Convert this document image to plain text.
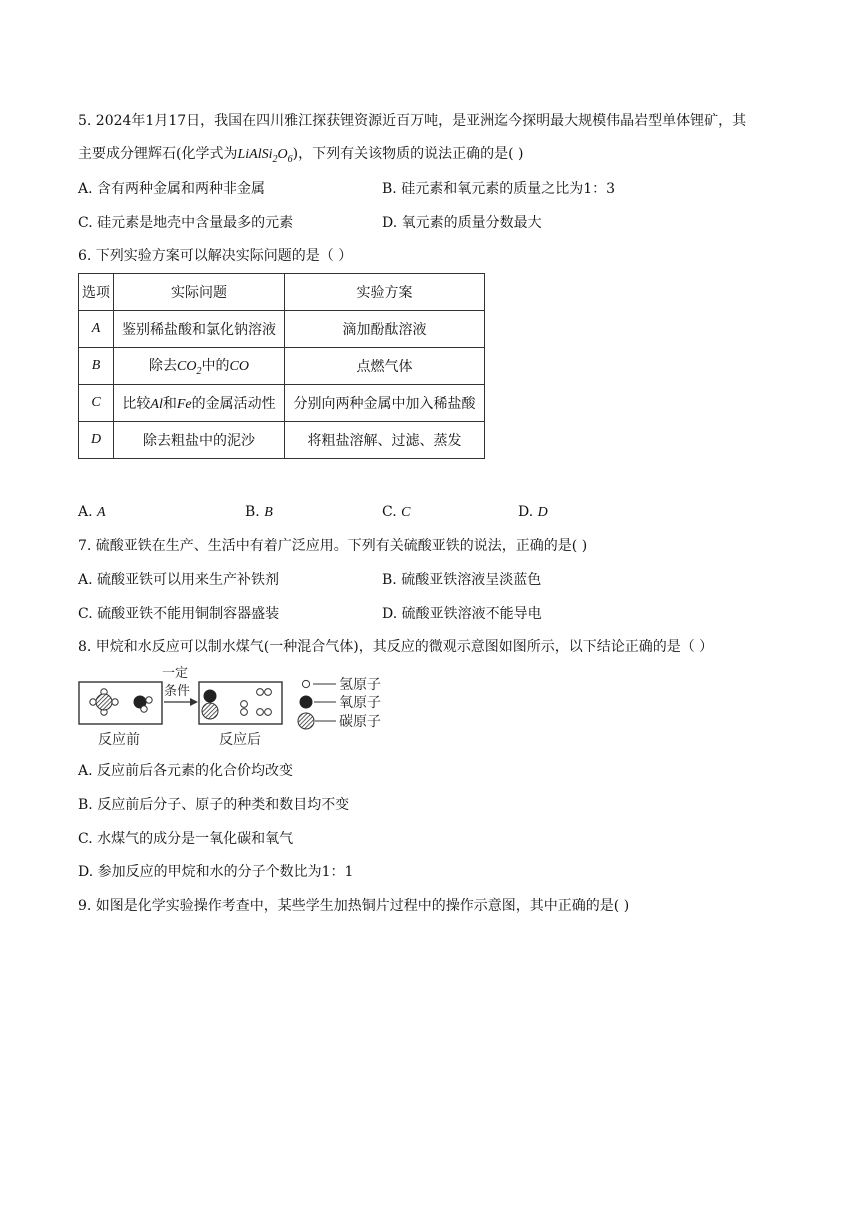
5. 2024年1月17日，我国在四川雅江探获锂资源近百万吨，是亚洲迄今探明最大规模伟晶岩型单体锂矿，其
主要成分锂辉石(化学式为$LiAlSi_2O_6$)，下列有关该物质的说法正确的是( )
A. 含有两种金属和两种非金属	B. 硅元素和氧元素的质量之比为1：3
C. 硅元素是地壳中含量最多的元素	D. 氧元素的质量分数最大
6. 下列实验方案可以解决实际问题的是（ ）
选项	实际问题	实验方案
A	鉴别稀盐酸和氯化钠溶液	滴加酚酞溶液
B	除去$CO_2$中的CO	点燃气体
C	比较Al和Fe的金属活动性	分别向两种金属中加入稀盐酸
D	除去粗盐中的泥沙	将粗盐溶解、过滤、蒸发
A. A	B. B	C. C	D. D
7. 硫酸亚铁在生产、生活中有着广泛应用。下列有关硫酸亚铁的说法，正确的是( )
A. 硫酸亚铁可以用来生产补铁剂	B. 硫酸亚铁溶液呈淡蓝色
C. 硫酸亚铁不能用铜制容器盛装	D. 硫酸亚铁溶液不能导电
8. 甲烷和水反应可以制水煤气(一种混合气体)，其反应的微观示意图如图所示，以下结论正确的是（ ）
反应前
一定
条件
反应后
氢原子
氧原子
碳原子
A. 反应前后各元素的化合价均改变
B. 反应前后分子、原子的种类和数目均不变
C. 水煤气的成分是一氧化碳和氧气
D. 参加反应的甲烷和水的分子个数比为1：1
9. 如图是化学实验操作考查中，某些学生加热铜片过程中的操作示意图，其中正确的是( )
